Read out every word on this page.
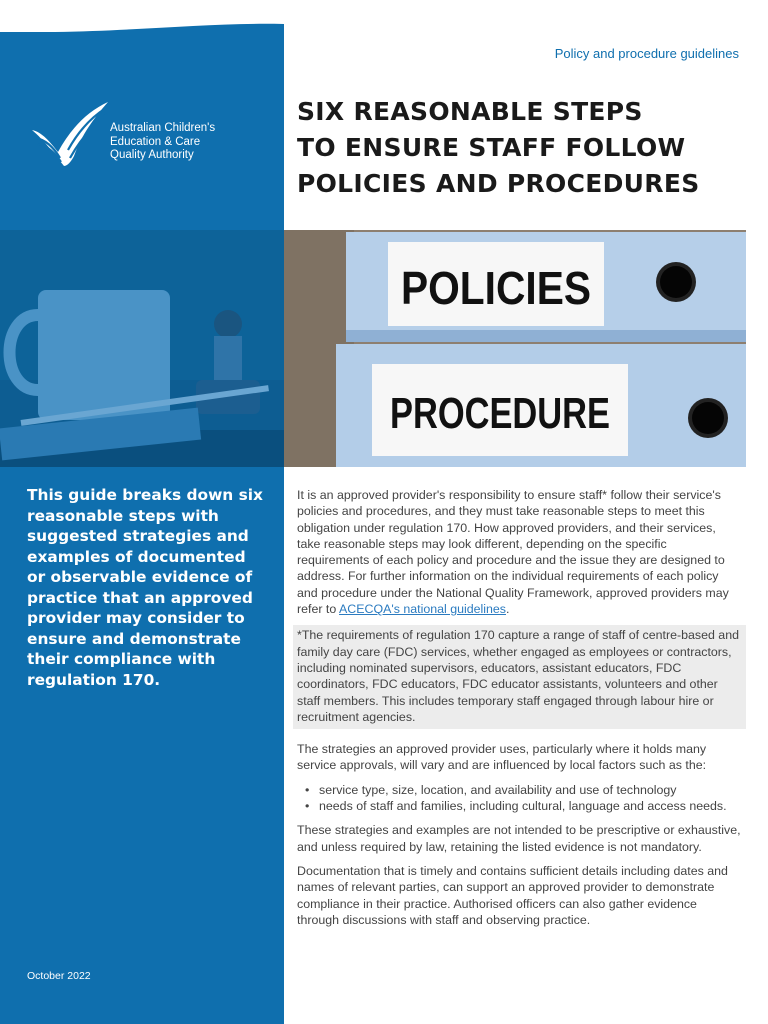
Australian Children's
Education & Care
Quality Authority
Policy and procedure guidelines
SIX REASONABLE STEPS
TO ENSURE STAFF FOLLOW
POLICIES AND PROCEDURES
POLICIES
PROCEDURE

This guide breaks down six reasonable steps with suggested strategies and examples of documented or observable evidence of practice that an approved provider may consider to ensure and demonstrate their compliance with regulation 170.

October 2022

It is an approved provider's responsibility to ensure staff* follow their service's policies and procedures, and they must take reasonable steps to meet this obligation under regulation 170. How approved providers, and their services, take reasonable steps may look different, depending on the specific requirements of each policy and procedure and the issue they are designed to address. For further information on the individual requirements of each policy and procedure under the National Quality Framework, approved providers may refer to ACECQA's national guidelines.

*The requirements of regulation 170 capture a range of staff of centre-based and family day care (FDC) services, whether engaged as employees or contractors, including nominated supervisors, educators, assistant educators, FDC coordinators, FDC educators, FDC educator assistants, volunteers and other staff members. This includes temporary staff engaged through labour hire or recruitment agencies.

The strategies an approved provider uses, particularly where it holds many service approvals, will vary and are influenced by local factors such as the:

• service type, size, location, and availability and use of technology
• needs of staff and families, including cultural, language and access needs.

These strategies and examples are not intended to be prescriptive or exhaustive, and unless required by law, retaining the listed evidence is not mandatory.

Documentation that is timely and contains sufficient details including dates and names of relevant parties, can support an approved provider to demonstrate compliance in their practice. Authorised officers can also gather evidence through discussions with staff and observing practice.
